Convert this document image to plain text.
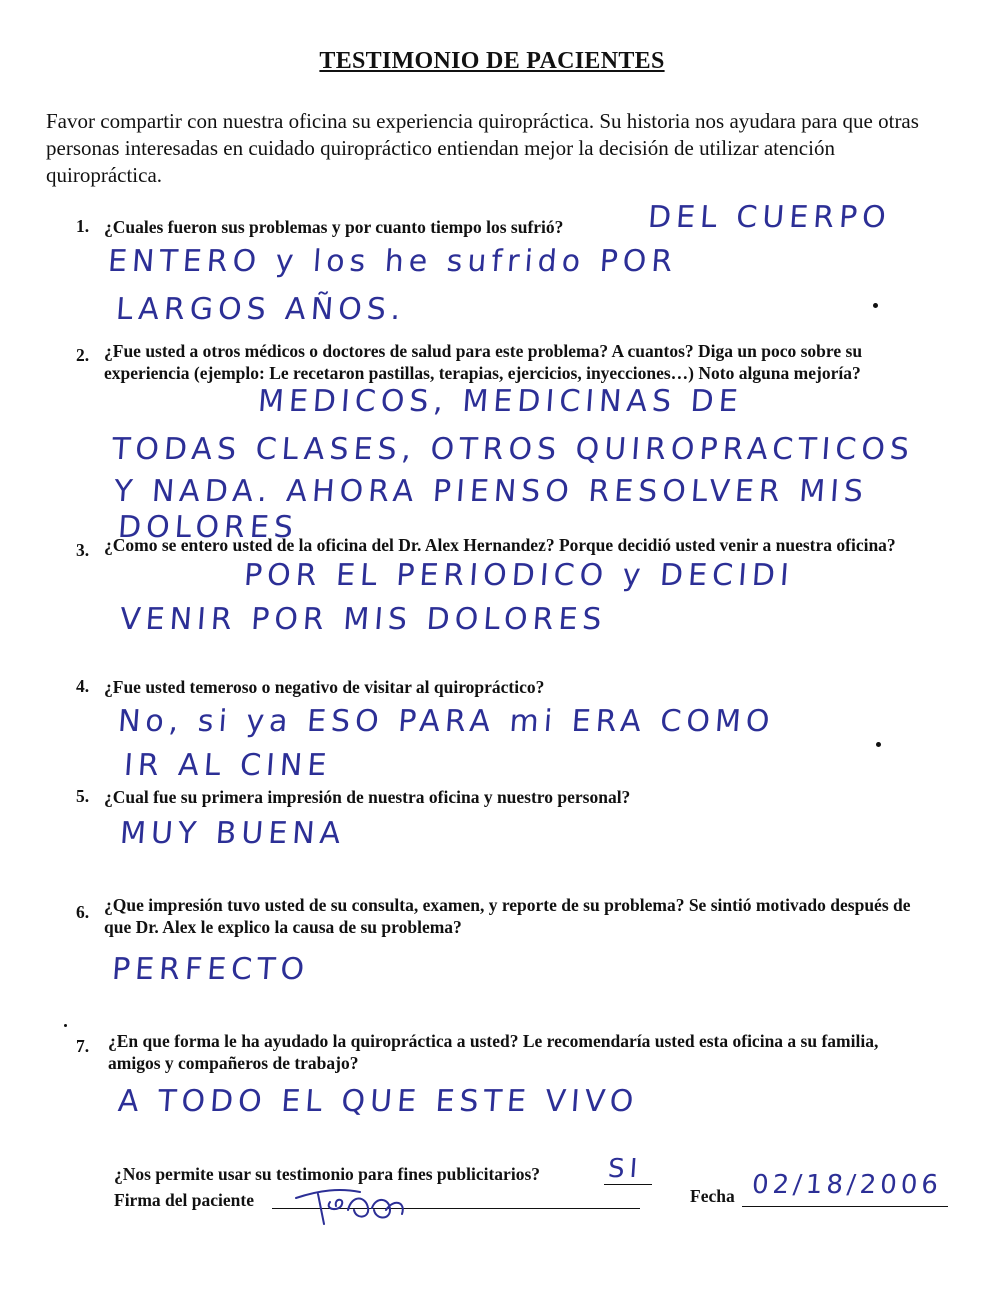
TESTIMONIO DE PACIENTES
Favor compartir con nuestra oficina su experiencia quiropráctica. Su historia nos ayudara para que otras personas interesadas en cuidado quiropráctico entiendan mejor la decisión de utilizar atención quiropráctica.
1. ¿Cuales fueron sus problemas y por cuanto tiempo los sufrió?	DEL CUERPO
ENTERO y los he sufrido POR
LARGOS AÑOS.
2. ¿Fue usted a otros médicos o doctores de salud para este problema? A cuantos? Diga un poco sobre su experiencia (ejemplo: Le recetaron pastillas, terapias, ejercicios, inyecciones…) Noto alguna mejoría?
MEDICOS, MEDICINAS DE
TODAS CLASES, OTROS QUIROPRACTICOS
Y NADA. AHORA PIENSO RESOLVER MIS
DOLORES
3. ¿Como se entero usted de la oficina del Dr. Alex Hernandez? Porque decidió usted venir a nuestra oficina?
POR EL PERIODICO y DECIDI
VENIR POR MIS DOLORES
4. ¿Fue usted temeroso o negativo de visitar al quiropráctico?
No, si ya ESO PARA mi ERA COMO
IR AL CINE
5. ¿Cual fue su primera impresión de nuestra oficina y nuestro personal?
MUY BUENA
6. ¿Que impresión tuvo usted de su consulta, examen, y reporte de su problema? Se sintió motivado después de que Dr. Alex le explico la causa de su problema?
PERFECTO
7. ¿En que forma le ha ayudado la quiropráctica a usted? Le recomendaría usted esta oficina a su familia, amigos y compañeros de trabajo?
A TODO EL QUE ESTE VIVO
¿Nos permite usar su testimonio para fines publicitarios?	SI
Firma del paciente	Fecha 02/18/2006
